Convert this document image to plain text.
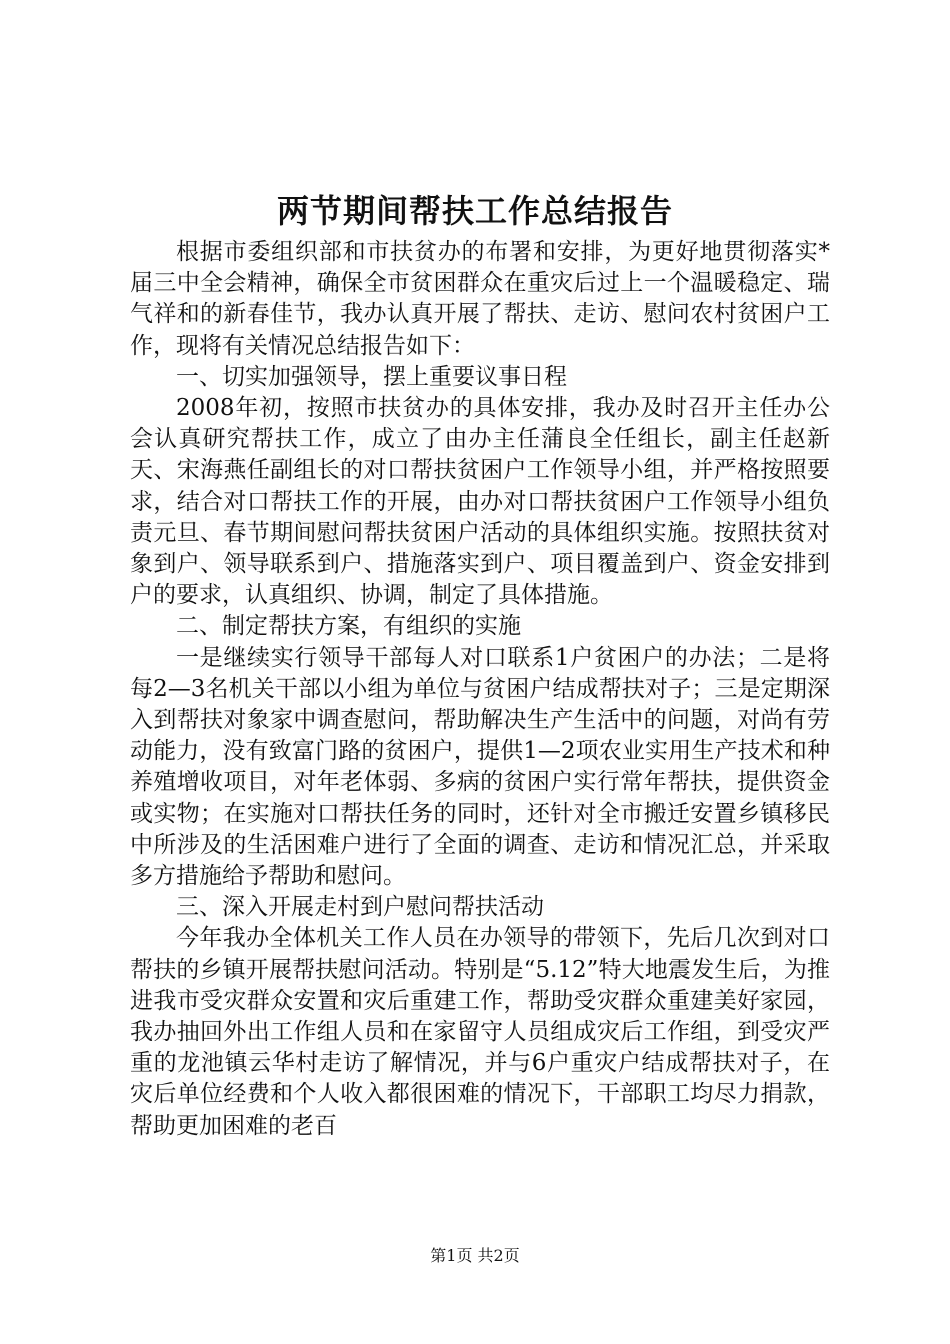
两节期间帮扶工作总结报告

根据市委组织部和市扶贫办的布署和安排，为更好地贯彻落实*届三中全会精神，确保全市贫困群众在重灾后过上一个温暖稳定、瑞气祥和的新春佳节，我办认真开展了帮扶、走访、慰问农村贫困户工作，现将有关情况总结报告如下：

一、切实加强领导，摆上重要议事日程

2008年初，按照市扶贫办的具体安排，我办及时召开主任办公会认真研究帮扶工作，成立了由办主任蒲良全任组长，副主任赵新天、宋海燕任副组长的对口帮扶贫困户工作领导小组，并严格按照要求，结合对口帮扶工作的开展，由办对口帮扶贫困户工作领导小组负责元旦、春节期间慰问帮扶贫困户活动的具体组织实施。按照扶贫对象到户、领导联系到户、措施落实到户、项目覆盖到户、资金安排到户的要求，认真组织、协调，制定了具体措施。

二、制定帮扶方案，有组织的实施

一是继续实行领导干部每人对口联系1户贫困户的办法；二是将每2—3名机关干部以小组为单位与贫困户结成帮扶对子；三是定期深入到帮扶对象家中调查慰问，帮助解决生产生活中的问题，对尚有劳动能力，没有致富门路的贫困户，提供1—2项农业实用生产技术和种养殖增收项目，对年老体弱、多病的贫困户实行常年帮扶，提供资金或实物；在实施对口帮扶任务的同时，还针对全市搬迁安置乡镇移民中所涉及的生活困难户进行了全面的调查、走访和情况汇总，并采取多方措施给予帮助和慰问。

三、深入开展走村到户慰问帮扶活动

今年我办全体机关工作人员在办领导的带领下，先后几次到对口帮扶的乡镇开展帮扶慰问活动。特别是“5.12”特大地震发生后，为推进我市受灾群众安置和灾后重建工作，帮助受灾群众重建美好家园，我办抽回外出工作组人员和在家留守人员组成灾后工作组，到受灾严重的龙池镇云华村走访了解情况，并与6户重灾户结成帮扶对子，在灾后单位经费和个人收入都很困难的情况下，干部职工均尽力捐款，帮助更加困难的老百

第1页 共2页
